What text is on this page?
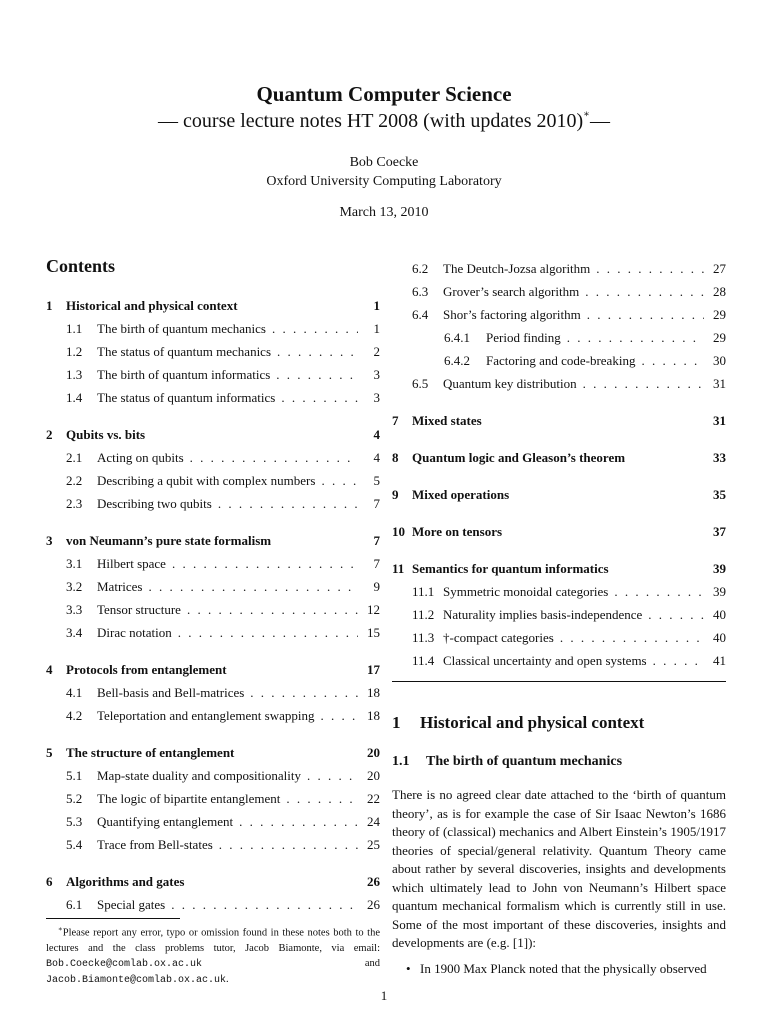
Quantum Computer Science
— course lecture notes HT 2008 (with updates 2010)∗—
Bob Coecke
Oxford University Computing Laboratory
March 13, 2010
Contents
1	Historical and physical context	1
1.1	The birth of quantum mechanics . . .	1
1.2	The status of quantum mechanics . . .	2
1.3	The birth of quantum informatics . . .	3
1.4	The status of quantum informatics . . .	3
2	Qubits vs. bits	4
2.1	Acting on qubits . . .	4
2.2	Describing a qubit with complex numbers . . .	5
2.3	Describing two qubits . . .	7
3	von Neumann’s pure state formalism	7
3.1	Hilbert space . . .	7
3.2	Matrices . . .	9
3.3	Tensor structure . . .	12
3.4	Dirac notation . . .	15
4	Protocols from entanglement	17
4.1	Bell-basis and Bell-matrices . . .	18
4.2	Teleportation and entanglement swapping . . .	18
5	The structure of entanglement	20
5.1	Map-state duality and compositionality . . .	20
5.2	The logic of bipartite entanglement . . .	22
5.3	Quantifying entanglement . . .	24
5.4	Trace from Bell-states . . .	25
6	Algorithms and gates	26
6.1	Special gates . . .	26
6.2	The Deutch-Jozsa algorithm . . .	27
6.3	Grover’s search algorithm . . .	28
6.4	Shor’s factoring algorithm . . .	29
6.4.1	Period finding . . .	29
6.4.2	Factoring and code-breaking . . .	30
6.5	Quantum key distribution . . .	31
7	Mixed states	31
8	Quantum logic and Gleason’s theorem	33
9	Mixed operations	35
10 More on tensors	37
11 Semantics for quantum informatics	39
11.1 Symmetric monoidal categories . . .	39
11.2 Naturality implies basis-independence . . .	40
11.3 †-compact categories . . .	40
11.4 Classical uncertainty and open systems . . .	41
1 Historical and physical context
1.1 The birth of quantum mechanics
There is no agreed clear date attached to the ‘birth of quantum theory’, as is for example the case of Sir Isaac Newton’s 1686 theory of (classical) mechanics and Albert Einstein’s 1905/1917 theories of special/general relativity. Quantum Theory came about rather by several discoveries, insights and developments which ultimately lead to John von Neumann’s Hilbert space quantum mechanical formalism which is currently still in use. Some of the most important of these discoveries, insights and developments are (e.g. [1]):
• In 1900 Max Planck noted that the physically observed
∗Please report any error, typo or omission found in these notes both to the lectures and the class problems tutor, Jacob Biamonte, via email: Bob.Coecke@comlab.ox.ac.uk and Jacob.Biamonte@comlab.ox.ac.uk.
1
